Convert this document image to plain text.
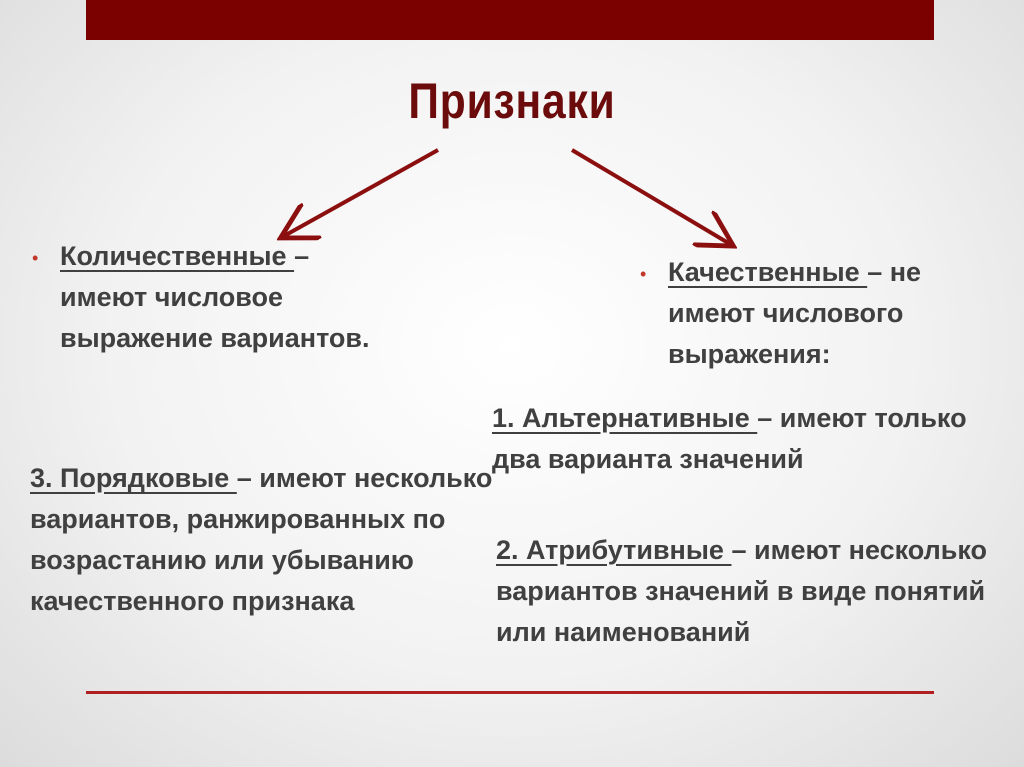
Признаки
• Количественные – имеют числовое выражение вариантов.
• Качественные – не имеют числового выражения:
1. Альтернативные – имеют только два варианта значений
2. Атрибутивные – имеют несколько вариантов значений в виде понятий или наименований
3. Порядковые – имеют несколько вариантов, ранжированных по возрастанию или убыванию качественного признака
